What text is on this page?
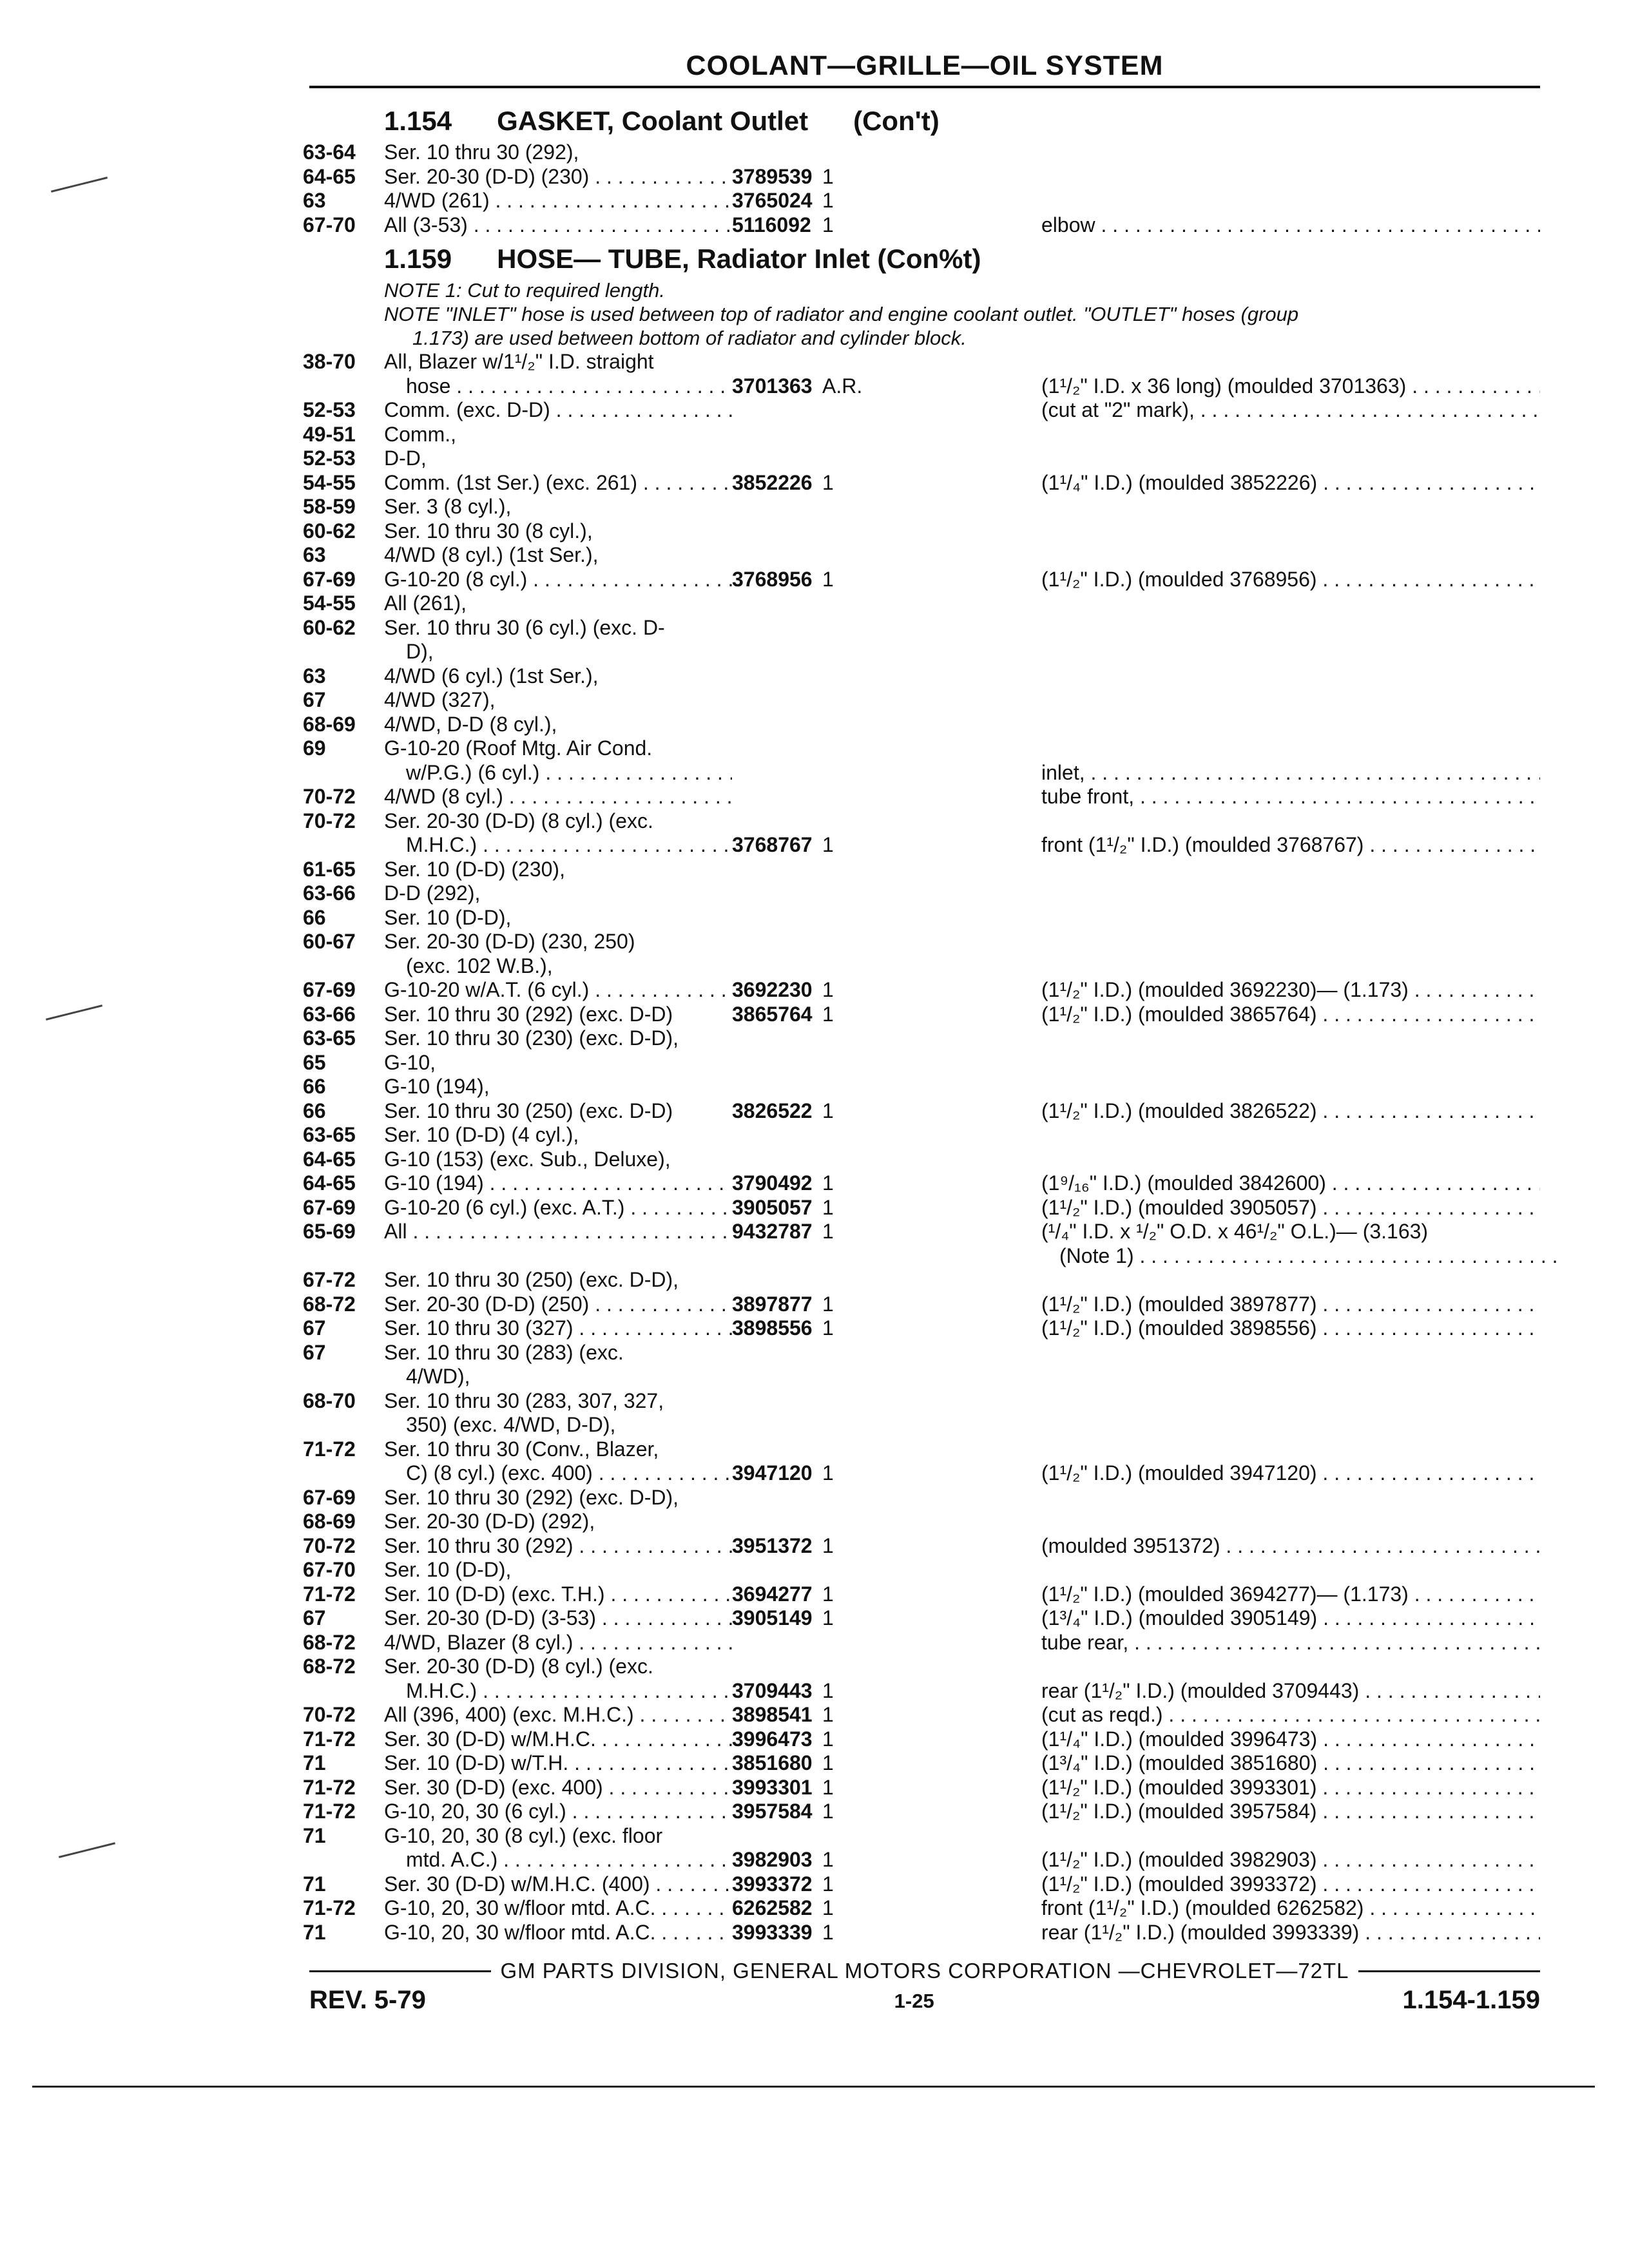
COOLANT—GRILLE—OIL SYSTEM
1.154 GASKET, Coolant Outlet (Con't)
63-64	Ser. 10 thru 30 (292),
64-65	Ser. 20-30 (D-D) (230) . . .	3789539 1
63	4/WD (261) . . .	3765024 1
67-70	All (3-53) . . .	5116092 1	elbow . . .
1.159 HOSE— TUBE, Radiator Inlet (Con%t)
NOTE 1: Cut to required length.
NOTE "INLET" hose is used between top of radiator and engine coolant outlet. "OUTLET" hoses (group
1.173) are used between bottom of radiator and cylinder block.
38-70	All, Blazer w/1¹/₂" I.D. straight
hose . . .	3701363 A.R.	(1¹/₂" I.D. x 36 long) (moulded 3701363) . . .
52-53	Comm. (exc. D-D) . . .	(cut at "2" mark), . . .
49-51	Comm.,
52-53	D-D,
54-55	Comm. (1st Ser.) (exc. 261) . . .	3852226 1	(1¹/₄" I.D.) (moulded 3852226) . . .
58-59	Ser. 3 (8 cyl.),
60-62	Ser. 10 thru 30 (8 cyl.),
63	4/WD (8 cyl.) (1st Ser.),
67-69	G-10-20 (8 cyl.) . . .	3768956 1	(1¹/₂" I.D.) (moulded 3768956) . . .
54-55	All (261),
60-62	Ser. 10 thru 30 (6 cyl.) (exc. D-
D),
63	4/WD (6 cyl.) (1st Ser.),
67	4/WD (327),
68-69	4/WD, D-D (8 cyl.),
69	G-10-20 (Roof Mtg. Air Cond.
w/P.G.) (6 cyl.) . . .	inlet, . . .
70-72	4/WD (8 cyl.) . . .	tube front, . . .
70-72	Ser. 20-30 (D-D) (8 cyl.) (exc.
M.H.C.) . . .	3768767 1	front (1¹/₂" I.D.) (moulded 3768767) . . .
61-65	Ser. 10 (D-D) (230),
63-66	D-D (292),
66	Ser. 10 (D-D),
60-67	Ser. 20-30 (D-D) (230, 250)
(exc. 102 W.B.),
67-69	G-10-20 w/A.T. (6 cyl.) . . .	3692230 1	(1¹/₂" I.D.) (moulded 3692230)— (1.173) . . .
63-66	Ser. 10 thru 30 (292) (exc. D-D)	3865764 1	(1¹/₂" I.D.) (moulded 3865764) . . .
63-65	Ser. 10 thru 30 (230) (exc. D-D),
65	G-10,
66	G-10 (194),
66	Ser. 10 thru 30 (250) (exc. D-D)	3826522 1	(1¹/₂" I.D.) (moulded 3826522) . . .
63-65	Ser. 10 (D-D) (4 cyl.),
64-65	G-10 (153) (exc. Sub., Deluxe),
64-65	G-10 (194) . . .	3790492 1	(1⁹/₁₆" I.D.) (moulded 3842600) . . .
67-69	G-10-20 (6 cyl.) (exc. A.T.) . . .	3905057 1	(1¹/₂" I.D.) (moulded 3905057) . . .
65-69	All . . .	9432787 1	(¹/₄" I.D. x ¹/₂" O.D. x 46¹/₂" O.L.)— (3.163)
(Note 1) . . .
67-72	Ser. 10 thru 30 (250) (exc. D-D),
68-72	Ser. 20-30 (D-D) (250) . . .	3897877 1	(1¹/₂" I.D.) (moulded 3897877) . . .
67	Ser. 10 thru 30 (327) . . .	3898556 1	(1¹/₂" I.D.) (moulded 3898556) . . .
67	Ser. 10 thru 30 (283) (exc.
4/WD),
68-70	Ser. 10 thru 30 (283, 307, 327,
350) (exc. 4/WD, D-D),
71-72	Ser. 10 thru 30 (Conv., Blazer,
C) (8 cyl.) (exc. 400) . . .	3947120 1	(1¹/₂" I.D.) (moulded 3947120) . . .
67-69	Ser. 10 thru 30 (292) (exc. D-D),
68-69	Ser. 20-30 (D-D) (292),
70-72	Ser. 10 thru 30 (292) . . .	3951372 1	(moulded 3951372) . . .
67-70	Ser. 10 (D-D),
71-72	Ser. 10 (D-D) (exc. T.H.) . . .	3694277 1	(1¹/₂" I.D.) (moulded 3694277)— (1.173) . . .
67	Ser. 20-30 (D-D) (3-53) . . .	3905149 1	(1³/₄" I.D.) (moulded 3905149) . . .
68-72	4/WD, Blazer (8 cyl.) . . .	tube rear, . . .
68-72	Ser. 20-30 (D-D) (8 cyl.) (exc.
M.H.C.) . . .	3709443 1	rear (1¹/₂" I.D.) (moulded 3709443) . . .
70-72	All (396, 400) (exc. M.H.C.) . . .	3898541 1	(cut as reqd.) . . .
71-72	Ser. 30 (D-D) w/M.H.C. . . .	3996473 1	(1¹/₄" I.D.) (moulded 3996473) . . .
71	Ser. 10 (D-D) w/T.H. . . .	3851680 1	(1³/₄" I.D.) (moulded 3851680) . . .
71-72	Ser. 30 (D-D) (exc. 400) . . .	3993301 1	(1¹/₂" I.D.) (moulded 3993301) . . .
71-72	G-10, 20, 30 (6 cyl.) . . .	3957584 1	(1¹/₂" I.D.) (moulded 3957584) . . .
71	G-10, 20, 30 (8 cyl.) (exc. floor
mtd. A.C.) . . .	3982903 1	(1¹/₂" I.D.) (moulded 3982903) . . .
71	Ser. 30 (D-D) w/M.H.C. (400) . . .	3993372 1	(1¹/₂" I.D.) (moulded 3993372) . . .
71-72	G-10, 20, 30 w/floor mtd. A.C. . . .	6262582 1	front (1¹/₂" I.D.) (moulded 6262582) . . .
71	G-10, 20, 30 w/floor mtd. A.C. . . .	3993339 1	rear (1¹/₂" I.D.) (moulded 3993339) . . .
GM PARTS DIVISION, GENERAL MOTORS CORPORATION —CHEVROLET—72TL
REV. 5-79	1-25	1.154-1.159
